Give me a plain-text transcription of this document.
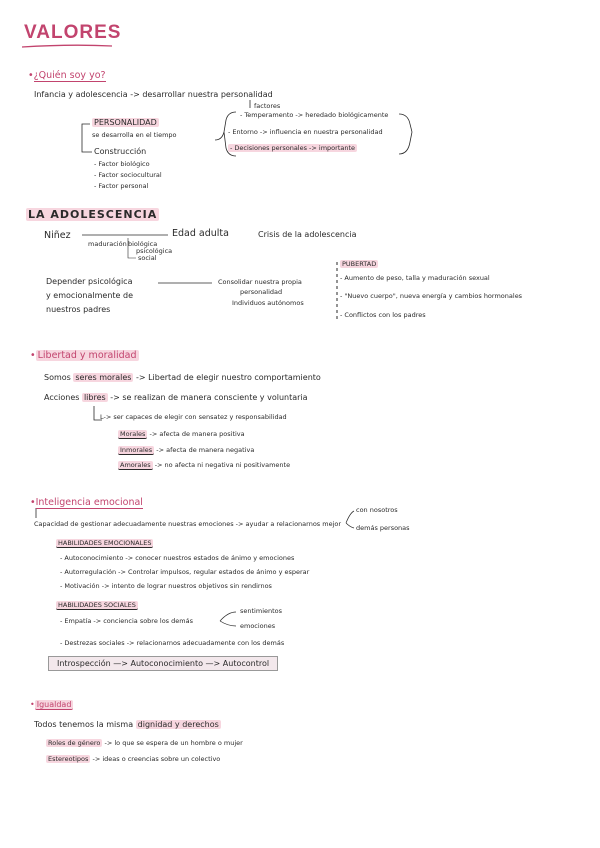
VALORES
•¿Quién soy yo?
Infancia y adolescencia -> desarrollar nuestra personalidad
factores
PERSONALIDAD
se desarrolla en el tiempo
Construcción
- Factor biológico
- Factor sociocultural
- Factor personal
- Temperamento -> heredado biológicamente
- Entorno -> influencia en nuestra personalidad
- Decisiones personales -> importante
LA ADOLESCENCIA
Niñez
maduración biológica
psicológica
social
Edad adulta	Crisis de la adolescencia
Depender psicológica
y emocionalmente de
nuestros padres
Consolidar nuestra propia
personalidad
Individuos autónomos
PUBERTAD
- Aumento de peso, talla y maduración sexual
- "Nuevo cuerpo", nueva energía y cambios hormonales
- Conflictos con los padres
• Libertad y moralidad
Somos seres morales -> Libertad de elegir nuestro comportamiento
Acciones libres -> se realizan de manera consciente y voluntaria
L-> ser capaces de elegir con sensatez y responsabilidad
Morales -> afecta de manera positiva
Inmorales -> afecta de manera negativa
Amorales -> no afecta ni negativa ni positivamente
•Inteligencia emocional
Capacidad de gestionar adecuadamente nuestras emociones -> ayudar a relacionarnos mejor
con nosotros
demás personas
HABILIDADES EMOCIONALES
- Autoconocimiento -> conocer nuestros estados de ánimo y emociones
- Autorregulación -> Controlar impulsos, regular estados de ánimo y esperar
- Motivación -> intento de lograr nuestros objetivos sin rendirnos
HABILIDADES SOCIALES
- Empatía -> conciencia sobre los demás
sentimientos
emociones
- Destrezas sociales -> relacionarnos adecuadamente con los demás
Introspección —> Autoconocimiento —> Autocontrol
• Igualdad
Todos tenemos la misma dignidad y derechos
Roles de género -> lo que se espera de un hombre o mujer
Estereotipos -> ideas o creencias sobre un colectivo
